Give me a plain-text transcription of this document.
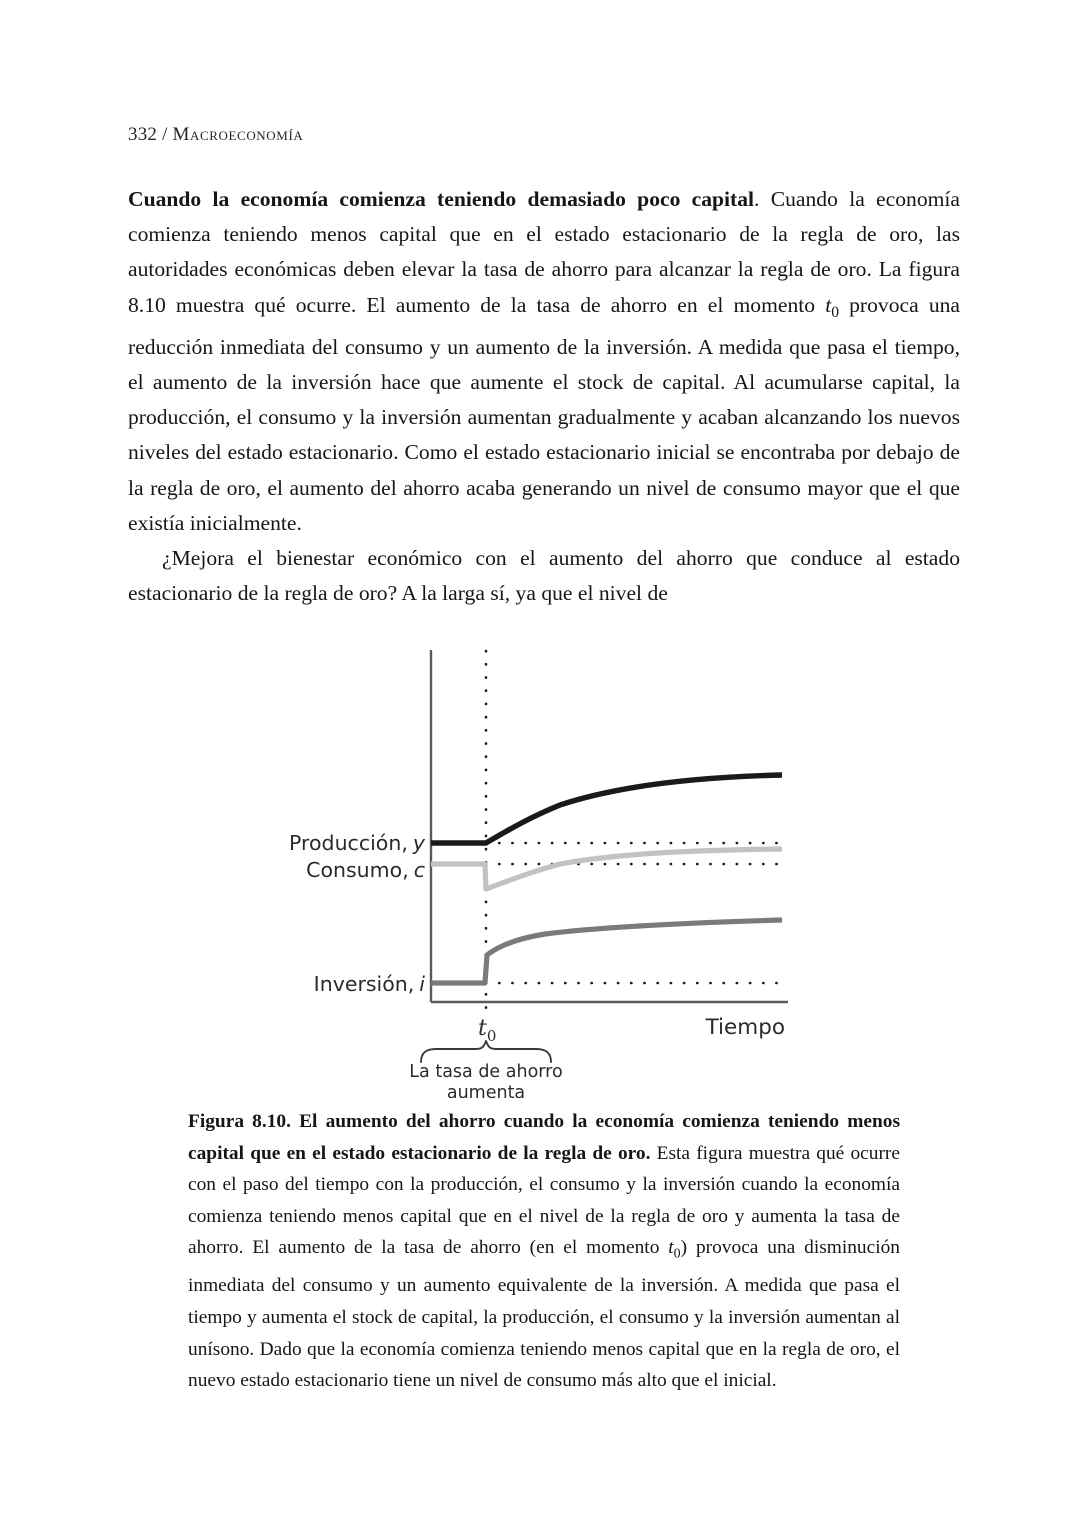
332 / Macroeconomía

Cuando la economía comienza teniendo demasiado poco capital. Cuando la economía comienza teniendo menos capital que en el estado estacionario de la regla de oro, las autoridades económicas deben elevar la tasa de ahorro para alcanzar la regla de oro. La figura 8.10 muestra qué ocurre. El aumento de la tasa de ahorro en el momento $t_0$ provoca una reducción inmediata del consumo y un aumento de la inversión. A medida que pasa el tiempo, el aumento de la inversión hace que aumente el stock de capital. Al acumularse capital, la producción, el consumo y la inversión aumentan gradualmente y acaban alcanzando los nuevos niveles del estado estacionario. Como el estado estacionario inicial se encontraba por debajo de la regla de oro, el aumento del ahorro acaba generando un nivel de consumo mayor que el que existía inicialmente.

¿Mejora el bienestar económico con el aumento del ahorro que conduce al estado estacionario de la regla de oro? A la larga sí, ya que el nivel de

Producción, y
Consumo, c
Inversión, i
Tiempo
$t_0$
La tasa de ahorro
aumenta

Figura 8.10. El aumento del ahorro cuando la economía comienza teniendo menos capital que en el estado estacionario de la regla de oro. Esta figura muestra qué ocurre con el paso del tiempo con la producción, el consumo y la inversión cuando la economía comienza teniendo menos capital que en el nivel de la regla de oro y aumenta la tasa de ahorro. El aumento de la tasa de ahorro (en el momento $t_0$) provoca una disminución inmediata del consumo y un aumento equivalente de la inversión. A medida que pasa el tiempo y aumenta el stock de capital, la producción, el consumo y la inversión aumentan al unísono. Dado que la economía comienza teniendo menos capital que en la regla de oro, el nuevo estado estacionario tiene un nivel de consumo más alto que el inicial.
